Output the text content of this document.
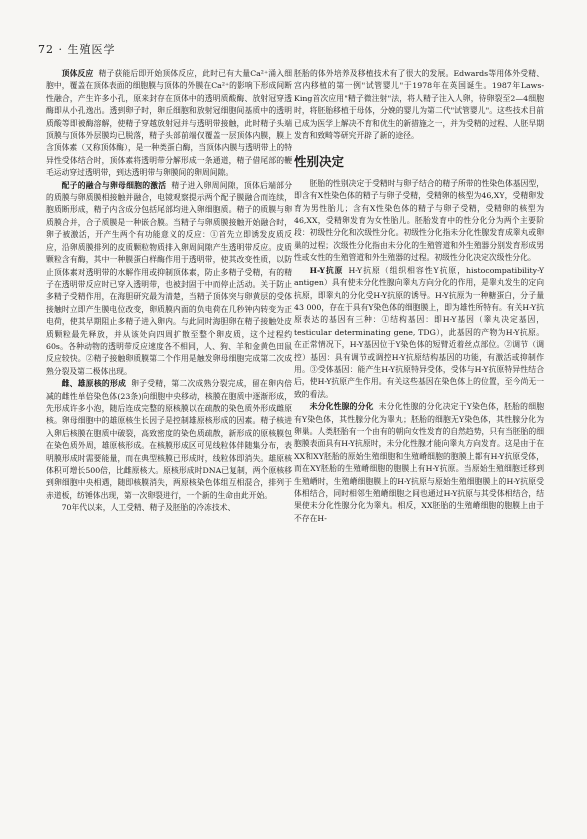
72 · 生殖医学

顶体反应 精子获能后即开始顶体反应，此时已有大量Ca²⁺涌入细胞中，覆盖在顶体表面的细胞膜与顶体的外膜在Ca²⁺的影响下形成间断性融合，产生许多小孔，原来封存在顶体中的透明质酸酶、放射冠穿透酶即从小孔逸出。透到卵子时，卵丘细胞和放射冠细胞间基质中的透明质酸等即被酶溶解，使精子穿越放射冠并与透明带接触，此时精子头端顶膜与顶体外层膜均已脱落，精子头部前端仅覆盖一层顶体内膜，膜上含顶体素（又称顶体酶），是一种类蛋白酶，当顶体内膜与透明带上的特异性受体结合时，顶体素将透明带分解形成一条通道，精子借尾部的鞭毛运动穿过透明带，到达透明带与卵膜间的卵周间隙。

配子的融合与卵母细胞的激活 精子进入卵周间隙，顶体后端部分的质膜与卵质膜相接触并融合，电镜观察提示两个配子膜融合而连续，胞质断形成，精子内含成分包括尾部均进入卵细胞质。精子的质膜与卵质膜合并，合子质膜是一种嵌合膜。当精子与卵质膜接触开始融合时，卵子被激活，开产生两个有功能意义的反应：①首先立即诱发皮质反应，沿卵质膜排列的皮质颗粒物质排入卵周间隙产生透明带反应。皮质颗粒含有酶，其中一种膜蛋白样酶作用于透明带，使其改变性质，以防止顶体素对透明带的水解作用或抑制顶体素，防止多精子受精，有的精子在透明带反应时已穿入透明带，也被封固于中而停止活动。关于防止多精子受精作用，在海胆研究最为清楚，当精子顶体突与卵黄层的受体接触时立即产生膜电位改变，卵质膜内面的负电荷在几秒钟内转变为正电荷，使其早期阻止多精子进入卵内。与此同时海胆卵在精子接触处皮质颗粒最先释放，并从该处向四周扩散至整个卵皮质，这个过程约60s。各种动物的透明带反应速度各不相同，人、狗、羊和金黄色田鼠反应较快。②精子接触卵质膜第二个作用是触发卵母细胞完成第二次成熟分裂及第二极体出现。

雌、雄原核的形成 卵子受精，第二次成熟分裂完成，留在卵内倍减的雌性单倍染色体(23条)向细胞中央移动，核膜在胞质中逐渐形成，先形成许多小泡，随后连成完整的原核膜以在疏散的染色质外形成雌原核。卵母细胞中的雄原核生长因子是控制雄原核形成的因素。精子核进入卵后核膜在胞质中破裂，高致密度的染色质疏散，新形成的原核膜包在染色质外周，雄原核形成。在核膜形成区可见线粒体伴随集分布，表明膜形成时需要能量，而在典型核膜已形成时，线粒体即消失。雄原核体积可增长500倍，比雌原核大。原核形成时DNA已复制，两个原核移到卵细胞中央相遇，随即核膜消失，两原核染色体组互相混合，排列于赤道板，纺锤体出现，第一次卵裂进行，一个新的生命由此开始。

70年代以来，人工受精、精子及胚胎的冷冻技术、

胚胎的体外培养及移植技术有了很大的发展。Edwards等用体外受精、宫内移植的第一例"试管婴儿"于1978年在英国诞生。1987年Laws-King首次应用"精子微注射"法，将人精子注入人卵，待卵裂至2—4细胞时，将胚胎移植于母体，分娩的婴儿为第二代"试管婴儿"。这些技术目前已成为医学上解决不育和优生的新措施之一，并为受精的过程、人胚早期发育和致畸等研究开辟了新的途径。

性别决定

胚胎的性别决定于受精时与卵子结合的精子所带的性染色体基因型，即含有X性染色体的精子与卵子受精，受精卵的核型为46,XY，受精卵发育为男性胎儿；含有X性染色体的精子与卵子受精，受精卵的核型为46,XX，受精卵发育为女性胎儿。胚胎发育中的性分化分为两个主要阶段：初级性分化和次级性分化。初级性分化指未分化性腺发育成睾丸或卵巢的过程；次级性分化指由未分化的生殖管道和外生殖器分别发育形成男性或女性的生殖管道和外生殖器的过程。初级性分化决定次级性分化。

H-Y抗原 H-Y抗原（组织相容性Y抗原，histocompatibility-Y antigen）具有使未分化性腺向睾丸方向分化的作用，是睾丸发生的定向抗原，即睾丸的分化受H-Y抗原的诱导。H-Y抗原为一种糖蛋白，分子量43 000，存在于具有Y染色体的细胞膜上，即为雄性所特有。有关H-Y抗原表达的基因有三种：①结构基因：即H-Y基因（睾丸决定基因，testicular determinating gene, TDG），此基因的产物为H-Y抗原。在正常情况下，H-Y基因位于Y染色体的短臂近着丝点部位。②调节（调控）基因：具有调节或调控H-Y抗原结构基因的功能，有激活或抑制作用。③受体基因：能产生H-Y抗原特异受体，受体与H-Y抗原特异性结合后，使H-Y抗原产生作用。有关这些基因在染色体上的位置，至今尚无一致的看法。

未分化性腺的分化 未分化性腺的分化决定于Y染色体，胚胎的细胞有Y染色体，其性腺分化为睾丸；胚胎的细胞无Y染色体，其性腺分化为卵巢。人类胚胎有一个由有的朝向女性发育的自然趋势，只有当胚胎的细胞膜表面具有H-Y抗原时，未分化性腺才能向睾丸方向发育。这是由于在XX和XY胚胎的原始生殖细胞和生殖嵴细胞的胞膜上都有H-Y抗原受体，而在XY胚胎的生殖嵴细胞的胞膜上有H-Y抗原。当原始生殖细胞迁移到生殖嵴时，生殖嵴细胞膜上的H-Y抗原与原始生殖细胞膜上的H-Y抗原受体相结合，同时相邻生殖嵴细胞之间也通过H-Y抗原与其受体相结合，结果使未分化性腺分化为睾丸。相反，XX胚胎的生殖嵴细胞的胞膜上由于不存在H-
